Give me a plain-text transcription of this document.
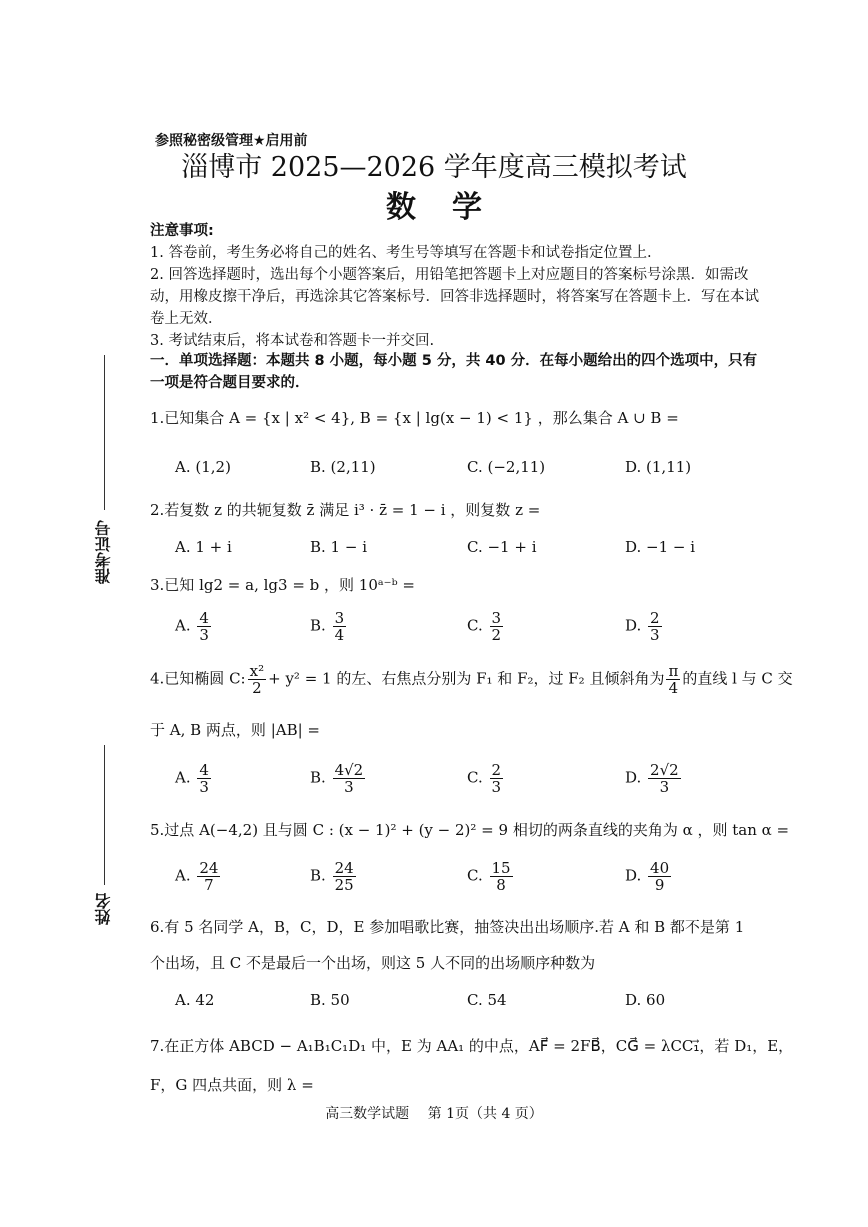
参照秘密级管理★启用前
淄博市 2025—2026 学年度高三模拟考试
数学

注意事项:

1. 答卷前，考生务必将自己的姓名、考生号等填写在答题卡和试卷指定位置上.

2. 回答选择题时，选出每个小题答案后，用铅笔把答题卡上对应题目的答案标号涂黑．如需改动，用橡皮擦干净后，再选涂其它答案标号．回答非选择题时，将答案写在答题卡上．写在本试卷上无效．

3. 考试结束后，将本试卷和答题卡一并交回.

一．单项选择题：本题共 8 小题，每小题 5 分，共 40 分．在每小题给出的四个选项中，只有一项是符合题目要求的．
准考证号
姓名
1.已知集合 A = {x | x² < 4}, B = {x | lg(x − 1) < 1} ，那么集合 A ∪ B =
A. (1,2)	B. (2,11)	C. (−2,11)	D. (1,11)
2.若复数 z 的共轭复数 z̄ 满足 i³ · z̄ = 1 − i ，则复数 z =
A. 1 + i	B. 1 − i	C. −1 + i	D. −1 − i
3.已知 lg2 = a, lg3 = b ，则 10ᵃ⁻ᵇ =
A. $\frac{4}{3}$	B. $\frac{3}{4}$	C. $\frac{3}{2}$	D. $\frac{2}{3}$
4.已知椭圆 C: $\frac{\text{x²}}{2} + y^2 = 1$ 的左、右焦点分别为 F₁ 和 F₂，过 F₂ 且倾斜角为 $\frac{\pi}{4}$ 的直线 l 与 C 交
于 A, B 两点，则 |AB| =
A. $\frac{4}{3}$	B. $\frac{4√2}{3}$	C. $\frac{2}{3}$	D. $\frac{2√2}{3}$
5.过点 A(−4,2) 且与圆 C : (x − 1)² + (y − 2)² = 9 相切的两条直线的夹角为 α ，则 tan α =
A. $\frac{24}{7}$	B. $\frac{24}{25}$	C. $\frac{15}{8}$	D. $\frac{40}{9}$
6.有 5 名同学 A，B，C，D，E 参加唱歌比赛，抽签决出出场顺序.若 A 和 B 都不是第 1
个出场，且 C 不是最后一个出场，则这 5 人不同的出场顺序种数为
A. 42	B. 50	C. 54	D. 60
7.在正方体 ABCD − A₁B₁C₁D₁ 中，E 为 AA₁ 的中点，AF⃗ = 2FB⃗，CG⃗ = λCC₁⃗，若 D₁，E，
F，G 四点共面，则 λ =
高三数学试题　 第 1页（共 4 页）
